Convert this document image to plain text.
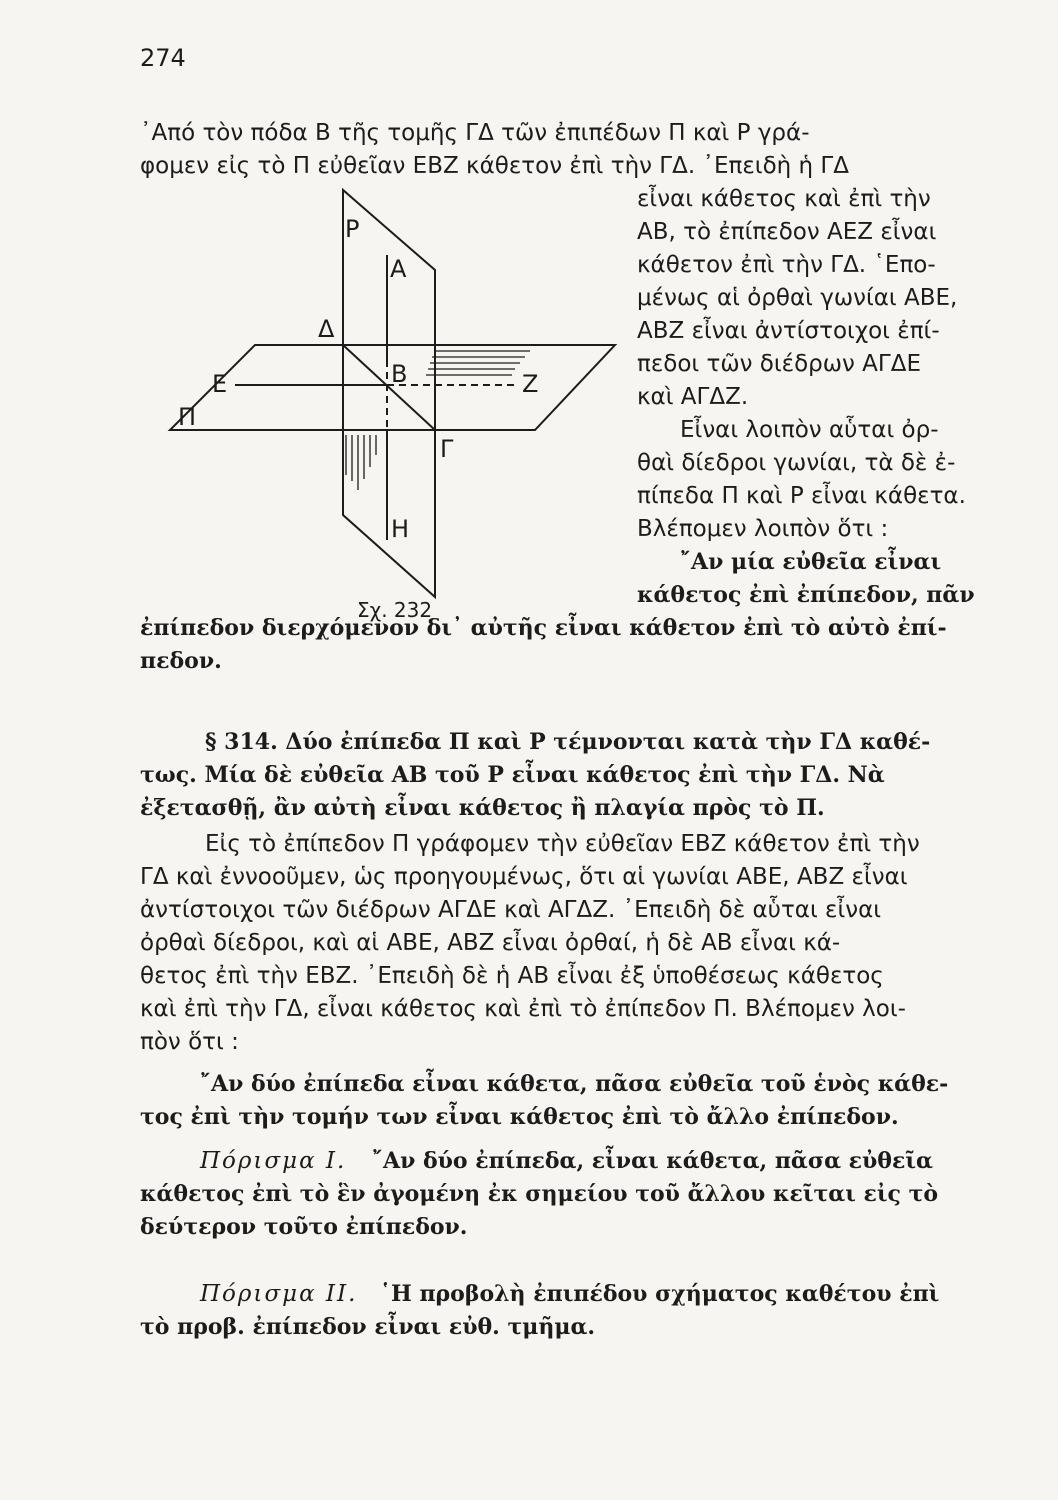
274
Ρ
Α
Δ
Ε	Β	Ζ
Π
Γ
Η
Σχ. 232
᾽Από τὸν πόδα Β τῆς τομῆς ΓΔ τῶν ἐπιπέδων Π καὶ Ρ γρά-
φομεν εἰς τὸ Π εὐθεῖαν ΕΒΖ κάθετον ἐπὶ τὴν ΓΔ. ᾽Επειδὴ ἡ ΓΔ
εἶναι κάθετος καὶ ἐπὶ τὴν
ΑΒ, τὸ ἐπίπεδον ΑΕΖ εἶναι
κάθετον ἐπὶ τὴν ΓΔ. ῾Επο-
μένως αἱ ὀρθαὶ γωνίαι ΑΒΕ,
ΑΒΖ εἶναι ἀντίστοιχοι ἐπί-
πεδοι τῶν διέδρων ΑΓΔΕ
καὶ ΑΓΔΖ.
Εἶναι λοιπὸν αὗται ὀρ-
θαὶ δίεδροι γωνίαι, τὰ δὲ ἐ-
πίπεδα Π καὶ Ρ εἶναι κάθετα.
Βλέπομεν λοιπὸν ὅτι :
῎Αν μία εὐθεῖα εἶναι
κάθετος ἐπὶ ἐπίπεδον, πᾶν
ἐπίπεδον διερχόμενον δι᾽ αὐτῆς εἶναι κάθετον ἐπὶ τὸ αὐτὸ ἐπί-
πεδον.
§ 314. Δύο ἐπίπεδα Π καὶ Ρ τέμνονται κατὰ τὴν ΓΔ καθέ-
τως. Μία δὲ εὐθεῖα ΑΒ τοῦ Ρ εἶναι κάθετος ἐπὶ τὴν ΓΔ. Νὰ
ἐξετασθῇ, ἂν αὐτὴ εἶναι κάθετος ἢ πλαγία πρὸς τὸ Π.
Εἰς τὸ ἐπίπεδον Π γράφομεν τὴν εὐθεῖαν ΕΒΖ κάθετον ἐπὶ τὴν
ΓΔ καὶ ἐννοοῦμεν, ὡς προηγουμένως, ὅτι αἱ γωνίαι ΑΒΕ, ΑΒΖ εἶναι
ἀντίστοιχοι τῶν διέδρων ΑΓΔΕ καὶ ΑΓΔΖ. ᾽Επειδὴ δὲ αὗται εἶναι
ὀρθαὶ δίεδροι, καὶ αἱ ΑΒΕ, ΑΒΖ εἶναι ὀρθαί, ἡ δὲ ΑΒ εἶναι κά-
θετος ἐπὶ τὴν ΕΒΖ. ᾽Επειδὴ δὲ ἡ ΑΒ εἶναι ἐξ ὑποθέσεως κάθετος
καὶ ἐπὶ τὴν ΓΔ, εἶναι κάθετος καὶ ἐπὶ τὸ ἐπίπεδον Π. Βλέπομεν λοι-
πὸν ὅτι :
῎Αν δύο ἐπίπεδα εἶναι κάθετα, πᾶσα εὐθεῖα τοῦ ἑνὸς κάθε-
τος ἐπὶ τὴν τομήν των εἶναι κάθετος ἐπὶ τὸ ἄλλο ἐπίπεδον.
Πόρισμα Ι. ῎Αν δύο ἐπίπεδα, εἶναι κάθετα, πᾶσα εὐθεῖα
κάθετος ἐπὶ τὸ ἓν ἀγομένη ἐκ σημείου τοῦ ἄλλου κεῖται εἰς τὸ
δεύτερον τοῦτο ἐπίπεδον.
Πόρισμα ΙΙ. ῾Η προβολὴ ἐπιπέδου σχήματος καθέτου ἐπὶ
τὸ προβ. ἐπίπεδον εἶναι εὐθ. τμῆμα.
